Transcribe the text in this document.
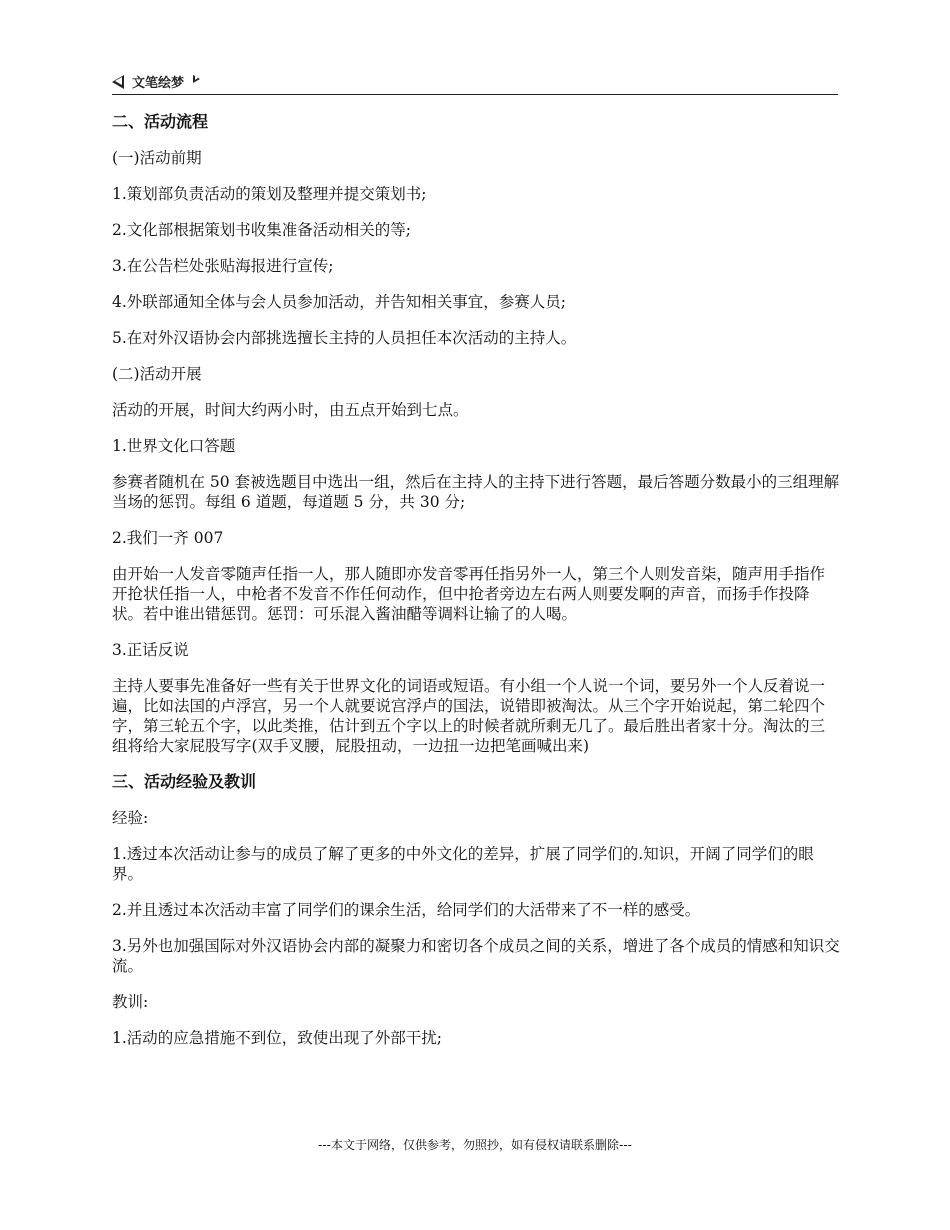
文笔绘梦

二、活动流程

(一)活动前期

1.策划部负责活动的策划及整理并提交策划书;

2.文化部根据策划书收集准备活动相关的等;

3.在公告栏处张贴海报进行宣传;

4.外联部通知全体与会人员参加活动，并告知相关事宜，参赛人员;

5.在对外汉语协会内部挑选擅长主持的人员担任本次活动的主持人。

(二)活动开展

活动的开展，时间大约两小时，由五点开始到七点。

1.世界文化口答题

参赛者随机在 50 套被选题目中选出一组，然后在主持人的主持下进行答题，最后答题分数最小的三组理解当场的惩罚。每组 6 道题，每道题 5 分，共 30 分;

2.我们一齐 007

由开始一人发音零随声任指一人，那人随即亦发音零再任指另外一人，第三个人则发音柒，随声用手指作开抢状任指一人，中枪者不发音不作任何动作，但中抢者旁边左右两人则要发啊的声音，而扬手作投降状。若中谁出错惩罚。惩罚：可乐混入酱油醋等调料让输了的人喝。

3.正话反说

主持人要事先准备好一些有关于世界文化的词语或短语。有小组一个人说一个词，要另外一个人反着说一遍，比如法国的卢浮宫，另一个人就要说宫浮卢的国法，说错即被淘汰。从三个字开始说起，第二轮四个字，第三轮五个字，以此类推，估计到五个字以上的时候者就所剩无几了。最后胜出者家十分。淘汰的三组将给大家屁股写字(双手叉腰，屁股扭动，一边扭一边把笔画喊出来)

三、活动经验及教训

经验:

1.透过本次活动让参与的成员了解了更多的中外文化的差异，扩展了同学们的.知识，开阔了同学们的眼界。

2.并且透过本次活动丰富了同学们的课余生活，给同学们的大活带来了不一样的感受。

3.另外也加强国际对外汉语协会内部的凝聚力和密切各个成员之间的关系，增进了各个成员的情感和知识交流。

教训:

1.活动的应急措施不到位，致使出现了外部干扰;

---本文于网络，仅供参考，勿照抄，如有侵权请联系删除---
